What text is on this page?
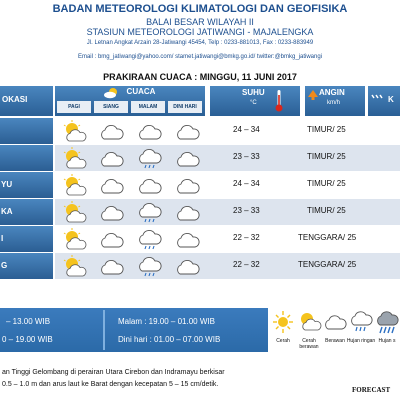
BADAN METEOROLOGI KLIMATOLOGI DAN GEOFISIKA
BALAI BESAR WILAYAH II
STASIUN METEOROLOGI JATIWANGI - MAJALENGKA
Jl. Letnan Angkat Arzain 28-Jatiwangi 45454, Telp : 0233-881013, Fax : 0233-883949
Email : bmg_jatiwangi@yahoo.com/ stamet.jatiwangi@bmkg.go.id/ twitter:@bmkg_jatiwangi
PRAKIRAAN CUACA : MINGGU, 11 JUNI 2017
OKASI
CUACA
PAGI	SIANG	MALAM	DINI HARI
SUHU
°C
ANGIN
km/h	K
24 – 34	TIMUR/ 25
23 – 33	TIMUR/ 25
YU	24 – 34	TIMUR/ 25
KA	23 – 33	TIMUR/ 25
I	22 – 32	TENGGARA/ 25
G	22 – 32	TENGGARA/ 25
– 13.00 WIB
0 – 19.00 WIB
Malam : 19.00 – 01.00 WIB
Dini hari : 01.00 – 07.00 WIB	Cerah	Cerah berawan
Berawan Hujan ringan Hujan s
an Tinggi Gelombang di perairan Utara Cirebon dan Indramayu berkisar
0.5 – 1.0 m dan arus laut ke Barat dengan kecepatan 5 – 15 cm/detik.
FORECAST
